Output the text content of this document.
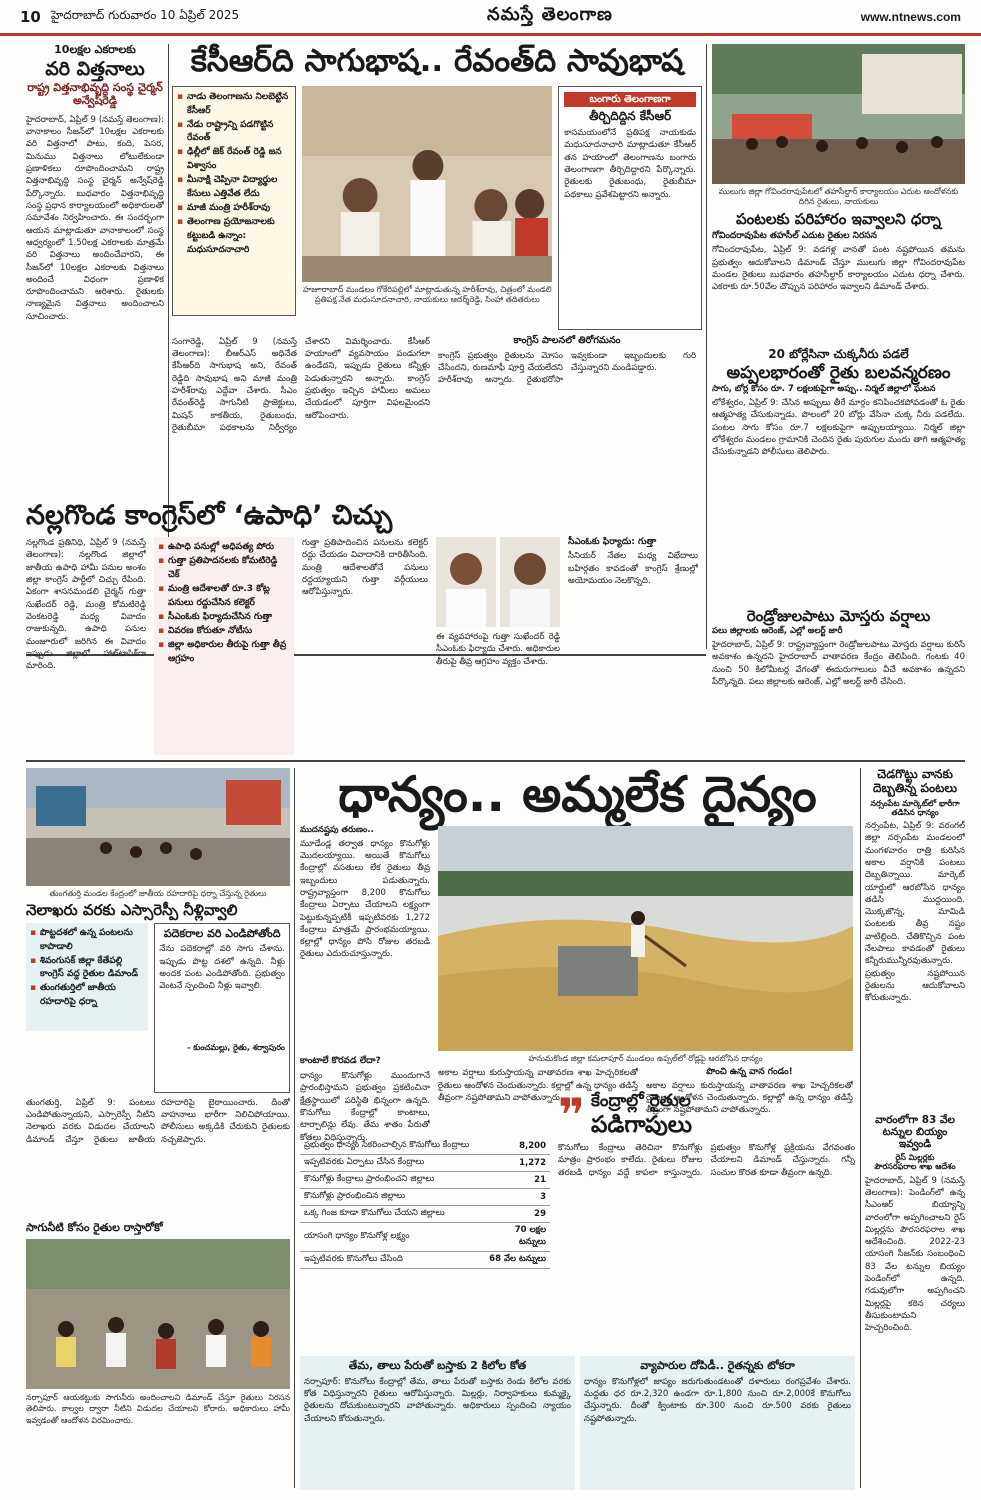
10 హైదరాబాద్ గురువారం 10 ఏప్రిల్ 2025	నమస్తే తెలంగాణ	www.ntnews.com
10లక్షల ఎకరాలకు
వరి విత్తనాలు
రాష్ట్ర విత్తనాభివృద్ధి సంస్థ చైర్మన్ అన్వేష్‌రెడ్డి
హైదరాబాద్, ఏప్రిల్ 9 (నమస్తే తెలంగాణ): వానాకాలం సీజన్‌లో 10లక్షల ఎకరాలకు వరి విత్తనాలో పాటు, కంది, పెసర, మినుము విత్తనాలు లోటులేకుండా ప్రణాళికలు రూపొందించామని రాష్ట్ర విత్తనాభివృద్ధి సంస్థ చైర్మన్ అన్వేష్‌రెడ్డి పేర్కొన్నారు. బుధవారం విత్తనాభివృద్ధి సంస్థ ప్రధాన కార్యాలయంలో అధికారులతో సమావేశం నిర్వహించారు. ఈ సందర్భంగా ఆయన మాట్లాడుతూ వానాకాలంలో సంస్థ ఆధ్వర్యంలో 1.50లక్ష ఎకరాలకు మాత్రమే వరి విత్తనాలు అందించేవారని, ఈ సీజన్‌లో 10లక్షల ఎకరాలకు విత్తనాలు అందించే విధంగా ప్రణాళిక రూపొందించామని ఆరిశారు. రైతులకు నాణ్యమైన విత్తనాలు అందించాలని సూచించారు.
కేసీఆర్‌ది సాగుభాష.. రేవంత్‌ది సావుభాష
▪ నాడు తెలంగాణను నిలబెట్టిన కేసీఆర్
▪ నేడు రాష్ట్రాన్ని పడగొట్టిన రేవంత్
▪ ఢిల్లీలో జెక్ రేవంత్ రెడ్డి జన విశ్వాసం
▪ మీనాక్షి చెప్పినా విద్యార్థుల కేసులు ఎత్తివేత లేదు
▪ మాజీ మంత్రి హరీశ్‌రావు
▪ తెలంగాణ ప్రయోజనాలకు కట్టుబడి ఉన్నాం: మధుసూదనాచారి
హజూరాబాద్ మండలం గోకేరిపల్లిలో మాట్లాడుతున్న హరీశ్‌రావు, చిత్రంలో మండలి ప్రతిపక్ష నేత మధుసూదనాచారి, నాయకులు ఆదర్శ్‌రెడ్డి, సింహా తదితరులు
బంగారు తెలంగాణగా
తీర్చిదిద్దిన కేసీఆర్
కాసమయంలోనే ప్రతిపక్ష నాయకుడు మధుసూదనాచారి మాట్లాడుతూ కేసీఆర్ తన హయాంలో తెలంగాణను బంగారు తెలంగాణగా తీర్చిదిద్దారని పేర్కొన్నారు. రైతులకు రైతుబంధు, రైతుబీమా పథకాలు ప్రవేశపెట్టారని అన్నారు.
సంగారెడ్డి, ఏప్రిల్ 9 (నమస్తే తెలంగాణ): బీఆర్‌ఎస్ అధినేత కేసీఆర్‌ది సాగుభాష అని, రేవంత్ రెడ్డిది సావుభాష అని మాజీ మంత్రి హరీశ్‌రావు ఎద్దేవా చేశారు. సీఎం రేవంత్‌రెడ్డి సాగునీటి ప్రాజెక్టులు, మిషన్ కాకతీయ, రైతుబంధు, రైతుబీమా పథకాలను నిర్వీర్యం చేశారని విమర్శించారు. కేసీఆర్ హయాంలో వ్యవసాయం పండుగలా ఉండేదని, ఇప్పుడు రైతులు కన్నీళ్లు పెడుతున్నారని అన్నారు. కాంగ్రెస్ ప్రభుత్వం ఇచ్చిన హామీలు అమలు చేయడంలో పూర్తిగా విఫలమైందని ఆరోపించారు.
కాంగ్రెస్ పాలనలో తిరోగమనం
కాంగ్రెస్ ప్రభుత్వం రైతులను మోసం చేసిందని, రుణమాఫీ పూర్తి చేయలేదని హరీశ్‌రావు అన్నారు. రైతుభరోసా ఇవ్వకుండా ఇబ్బందులకు గురి చేస్తున్నారని మండిపడ్డారు.
ములుగు జిల్లా గోవిందరావుపేటలో తహసీల్దార్ కార్యాలయం ఎదుట ఆందోళనకు దిగిన రైతులు, నాయకులు
పంటలకు పరిహారం ఇవ్వాలని ధర్నా
గోవిందరావుపేట తహసీల్ ఎదుట రైతుల నిరసన
గోవిందరావుపేట, ఏప్రిల్ 9: వడగళ్ల వానతో పంట నష్టపోయిన తమను ప్రభుత్వం ఆదుకోవాలని డిమాండ్ చేస్తూ ములుగు జిల్లా గోవిందరావుపేట మండల రైతులు బుధవారం తహసీల్దార్ కార్యాలయం ఎదుట ధర్నా చేశారు. ఎకరాకు రూ.50వేల చొప్పున పరిహారం ఇవ్వాలని డిమాండ్ చేశారు.
20 బోర్లేసినా చుక్కనీరు పడలే
అప్పలభారంతో రైతు బలవన్మరణం
సాగు, బోర్ల కోసం రూ. 7 లక్షలకుపైగా అప్పు.. నిర్మల్ జిల్లాలో ఘటన
లోకేశ్వరం, ఏప్రిల్ 9: చేసిన అప్పులు తీరే మార్గం కనిపించకపోవడంతో ఓ రైతు ఆత్మహత్య చేసుకున్నాడు. పొలంలో 20 బోర్లు వేసినా చుక్క నీరు పడలేదు. పంటల సాగు కోసం రూ.7 లక్షలకుపైగా అప్పులయ్యాయి. నిర్మల్ జిల్లా లోకేశ్వరం మండలం గ్రామానికి చెందిన రైతు పురుగుల మందు తాగి ఆత్మహత్య చేసుకున్నాడని పోలీసులు తెలిపారు.
రెండ్రోజులపాటు మోస్తరు వర్షాలు
పలు జిల్లాలకు ఆరెంజ్, ఎల్లో అలర్ట్ జారీ
హైదరాబాద్, ఏప్రిల్ 9: రాష్ట్రవ్యాప్తంగా రెండ్రోజులపాటు మోస్తరు వర్షాలు కురిసే అవకాశం ఉన్నదని హైదరాబాద్ వాతావరణ కేంద్రం తెలిపింది. గంటకు 40 నుంచి 50 కిలోమీటర్ల వేగంతో ఈదురుగాలులు వీచే అవకాశం ఉన్నదని పేర్కొన్నది. పలు జిల్లాలకు ఆరెంజ్, ఎల్లో అలర్ట్ జారీ చేసింది.
నల్లగొండ కాంగ్రెస్‌లో ‘ఉపాధి’ చిచ్చు
నల్లగొండ ప్రతినిధి, ఏప్రిల్ 9 (నమస్తే తెలంగాణ): నల్లగొండ జిల్లాలో జాతీయ ఉపాధి హామీ పనుల అంశం జిల్లా కాంగ్రెస్ పార్టీలో చిచ్చు రేపింది. ఏకంగా శాసనమండలి చైర్మన్ గుత్తా సుఖేందర్ రెడ్డి, మంత్రి కోమటిరెడ్డి వెంకటరెడ్డి మధ్య వివాదం రాజుకున్నది. ఉపాధి పనుల మంజూరులో జరిగిన ఈ వివాదం ఇప్పుడు జిల్లాలో హాట్‌టాపిక్‌గా మారింది.
▪ ఉపాధి పనుల్లో అధిపత్య పోరు
▪ గుత్తా ప్రతిపాదనలకు కోమటిరెడ్డి చెక్
▪ మంత్రి ఆదేశాలతో రూ.3 కోట్ల పనులు రద్దుచేసిన కలెక్టర్
▪ సీఎంఓకు ఫిర్యాదుచేసిన గుత్తా
▪ వివరణ కోరుతూ నోటీసు
▪ జిల్లా అధికారుల తీరుపై గుత్తా తీవ్ర ఆగ్రహం
గుత్తా ప్రతిపాదించిన పనులను కలెక్టర్ రద్దు చేయడం వివాదానికి దారితీసింది. మంత్రి ఆదేశాలతోనే పనులు రద్దయ్యాయని గుత్తా వర్గీయులు ఆరోపిస్తున్నారు.
ఈ వ్యవహారంపై గుత్తా సుఖేందర్ రెడ్డి సీఎంఓకు ఫిర్యాదు చేశారు. అధికారుల తీరుపై తీవ్ర ఆగ్రహం వ్యక్తం చేశారు.
సీఎంఓకు ఫిర్యాదు: గుత్తా
సీనియర్ నేతల మధ్య విభేదాలు బహిర్గతం కావడంతో కాంగ్రెస్ శ్రేణుల్లో అయోమయం నెలకొన్నది.
తుంగతుర్తి మండల కేంద్రంలో జాతీయ రహదారిపై ధర్నా చేస్తున్న రైతులు
నెలాఖరు వరకు ఎస్సారెస్పీ నీళ్లివ్వాలి
▪ పొట్టదశలో ఉన్న పంటలను కాపాడాలి
▪ శివంగుసక్ జిల్లా కేతేపల్లి కాంగ్రెస్ వద్ద రైతుల డిమాండ్
▪ తుంగతుర్తిలో జాతీయ రహదారిపై ధర్నా
పదెకరాల వరి ఎండిపోతోంది
నేను పదెకరాల్లో వరి సాగు చేశాను. ఇప్పుడు పొట్ట దశలో ఉన్నది. నీళ్లు అందక పంట ఎండిపోతోంది. ప్రభుత్వం వెంటనే స్పందించి నీళ్లు ఇవ్వాలి.
- కుంచమల్లు, రైతు, శర్వాపురం
తుంగతుర్తి, ఏప్రిల్ 9: పంటలు ఎండిపోతున్నాయని, ఎస్సారెస్పీ నీటిని నెలాఖరు వరకు విడుదల చేయాలని డిమాండ్ చేస్తూ రైతులు జాతీయ రహదారిపై బైఠాయించారు. దీంతో వాహనాలు భారీగా నిలిచిపోయాయి. పోలీసులు అక్కడికి చేరుకుని రైతులకు నచ్చజెప్పారు.
సాగునీటి కోసం రైతుల రాస్తారోకో
నర్సాపూర్ ఆయకట్టుకు సాగునీరు అందించాలని డిమాండ్ చేస్తూ రైతులు నిరసన తెలిపారు. కాల్వల ద్వారా నీటిని విడుదల చేయాలని కోరారు. అధికారులు హామీ ఇవ్వడంతో ఆందోళన విరమించారు.
ధాన్యం.. అమ్మలేక దైన్యం
ముదనష్టపు తరుణం..
మూడేండ్ల తర్వాత ధాన్యం కొనుగోళ్లు మొదలయ్యాయి. అయితే కొనుగోలు కేంద్రాల్లో వసతులు లేక రైతులు తీవ్ర ఇబ్బందులు పడుతున్నారు. రాష్ట్రవ్యాప్తంగా 8,200 కొనుగోలు కేంద్రాలు ఏర్పాటు చేయాలని లక్ష్యంగా పెట్టుకున్నప్పటికీ ఇప్పటివరకు 1,272 కేంద్రాలు మాత్రమే ప్రారంభమయ్యాయి. కల్లాల్లో ధాన్యం పోసి రోజుల తరబడి రైతులు ఎదురుచూస్తున్నారు.
కాంటాలే కొరవడ లేదా?
ధాన్యం కొనుగోళ్లు ముందుగానే ప్రారంభిస్తామని ప్రభుత్వం ప్రకటించినా క్షేత్రస్థాయిలో పరిస్థితి భిన్నంగా ఉన్నది. కొనుగోలు కేంద్రాల్లో కాంటాలు, టార్పాలిన్లు లేవు. తేమ శాతం పేరుతో కోతలు విధిస్తున్నారు.
హనుమకొండ జిల్లా కమలాపూర్ మండలం ఉప్పల్‌లో రోడ్లపై ఆరబోసిన ధాన్యం
అకాల వర్షాలు కురుస్తాయన్న వాతావరణ శాఖ హెచ్చరికలతో రైతులు ఆందోళన చెందుతున్నారు. కల్లాల్లో ఉన్న ధాన్యం తడిస్తే తీవ్రంగా నష్టపోతామని వాపోతున్నారు.
పొంచి ఉన్న వాన గండం!
అకాల వర్షాలు కురుస్తాయన్న వాతావరణ శాఖ హెచ్చరికలతో రైతులు ఆందోళన చెందుతున్నారు. కల్లాల్లో ఉన్న ధాన్యం తడిస్తే తీవ్రంగా నష్టపోతామని వాపోతున్నారు.
ప్రభుత్వం ధాన్యం సేకరించాల్సిన కొనుగోలు కేంద్రాలు	8,200
ఇప్పటివరకు ఏర్పాటు చేసిన కేంద్రాలు	1,272
కొనుగోళ్లు కేంద్రాలు ప్రారంభించని జిల్లాలు	21
కొనుగోళ్లు ప్రారంభించిన జిల్లాలు	3
ఒక్క గింజ కూడా కొనుగోలు చేయని జిల్లాలు	29
యాసంగి ధాన్యం కొనుగోళ్ల లక్ష్యం	70 లక్షల టన్నులు
ఇప్పటివరకు కొనుగోలు చేసింది	68 వేల టన్నులు
❞ కేంద్రాల్లో రైతుల
పడిగాపులు
కొనుగోలు కేంద్రాలు తెరిచినా కొనుగోళ్లు మాత్రం ప్రారంభం కాలేదు. రైతులు రోజుల తరబడి ధాన్యం వద్దే కాపలా కాస్తున్నారు. ప్రభుత్వం కొనుగోళ్ల ప్రక్రియను వేగవంతం చేయాలని డిమాండ్ చేస్తున్నారు. గన్నీ సంచుల కొరత కూడా తీవ్రంగా ఉన్నది.
తేమ, తాలు పేరుతో బస్తాకు 2 కిలోల కోత
నర్సాపూర్: కొనుగోలు కేంద్రాల్లో తేమ, తాలు పేరుతో బస్తాకు రెండు కిలోల వరకు కోత విధిస్తున్నారని రైతులు ఆరోపిస్తున్నారు. మిల్లర్లు, నిర్వాహకులు కుమ్మక్కై రైతులను దోచుకుంటున్నారని వాపోతున్నారు. అధికారులు స్పందించి న్యాయం చేయాలని కోరుతున్నారు.
వ్యాపారుల దోపిడీ.. రైతన్నకు టోకరా
ధాన్యం కొనుగోళ్లలో జాప్యం జరుగుతుండటంతో దళారులు రంగప్రవేశం చేశారు. మద్దతు ధర రూ.2,320 ఉండగా రూ.1,800 నుంచి రూ.2,000కే కొనుగోలు చేస్తున్నారు. దీంతో క్వింటాకు రూ.300 నుంచి రూ.500 వరకు రైతులు నష్టపోతున్నారు.
చెడగొట్టు వానకు
దెబ్బతిన్న పంటలు
నర్సంపేట మార్కెట్‌లో భారీగా తడిసిన ధాన్యం
నర్సంపేట, ఏప్రిల్ 9: వరంగల్ జిల్లా నర్సంపేట మండలంలో మంగళవారం రాత్రి కురిసిన అకాల వర్షానికి పంటలు దెబ్బతిన్నాయి. మార్కెట్ యార్డులో ఆరబోసిన ధాన్యం తడిసి ముద్దయింది. మొక్కజొన్న, మామిడి పంటలకు తీవ్ర నష్టం వాటిల్లింది. చేతికొచ్చిన పంట నేలపాలు కావడంతో రైతులు కన్నీరుమున్నీరవుతున్నారు. ప్రభుత్వం నష్టపోయిన రైతులను ఆదుకోవాలని కోరుతున్నారు.
వారంలోగా 83 వేల
టన్నుల బియ్యం ఇవ్వండి
రైస్ మిల్లర్లకు
పౌరసరఫరాల శాఖ ఆదేశం
హైదరాబాద్, ఏప్రిల్ 9 (నమస్తే తెలంగాణ): పెండింగ్‌లో ఉన్న సీఎంఆర్ బియ్యాన్ని వారంలోగా అప్పగించాలని రైస్ మిల్లర్లను పౌరసరఫరాల శాఖ ఆదేశించింది. 2022-23 యాసంగి సీజన్‌కు సంబంధించి 83 వేల టన్నుల బియ్యం పెండింగ్‌లో ఉన్నది. గడువులోగా అప్పగించని మిల్లర్లపై కఠిన చర్యలు తీసుకుంటామని హెచ్చరించింది.
